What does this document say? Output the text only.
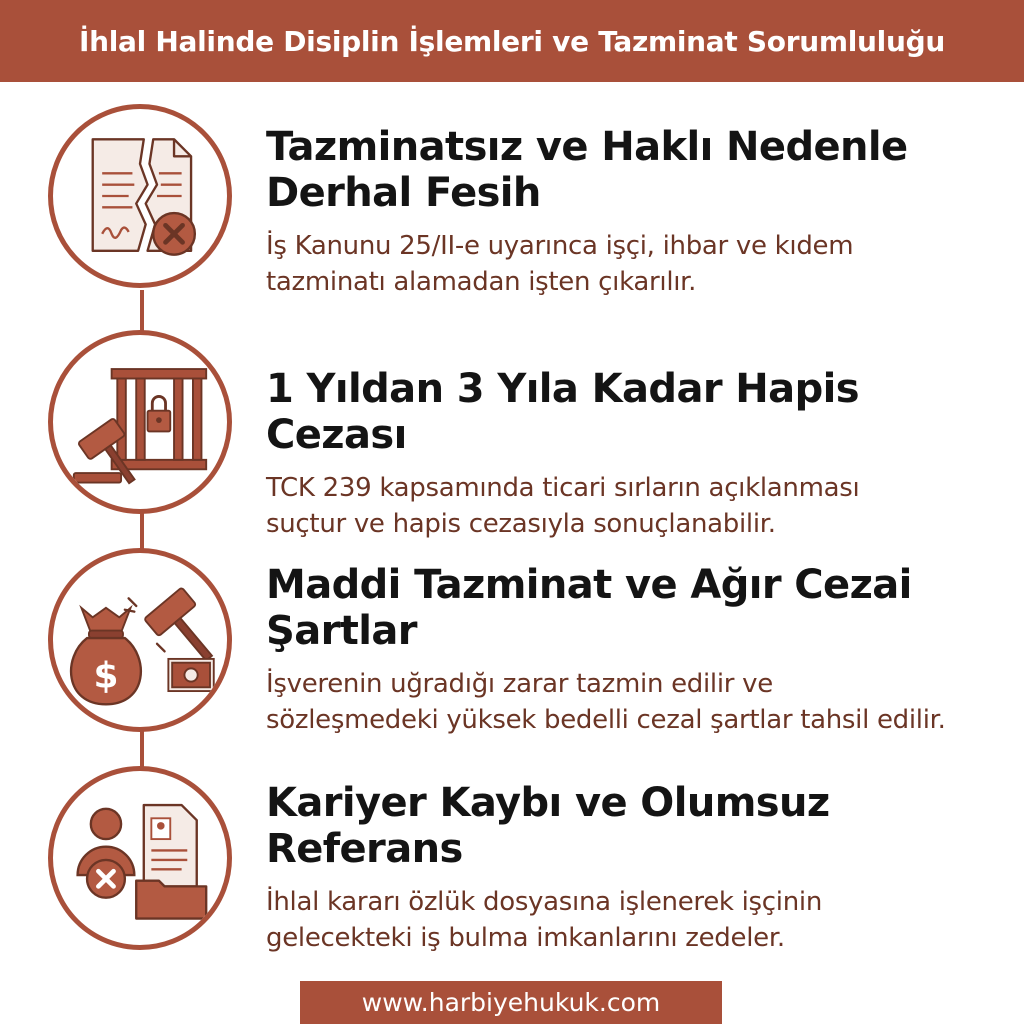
İhlal Halinde Disiplin İşlemleri ve Tazminat Sorumluluğu
Tazminatsız ve Haklı Nedenle
Derhal Fesih
İş Kanunu 25/II-e uyarınca işçi, ihbar ve kıdem
tazminatı alamadan işten çıkarılır.
1 Yıldan 3 Yıla Kadar Hapis Cezası
TCK 239 kapsamında ticari sırların açıklanması
suçtur ve hapis cezasıyla sonuçlanabilir.
$
Maddi Tazminat ve Ağır Cezai
Şartlar
İşverenin uğradığı zarar tazmin edilir ve
sözleşmedeki yüksek bedelli cezal şartlar tahsil edilir.
Kariyer Kaybı ve Olumsuz
Referans
İhlal kararı özlük dosyasına işlenerek işçinin
gelecekteki iş bulma imkanlarını zedeler.
www.harbiyehukuk.com
